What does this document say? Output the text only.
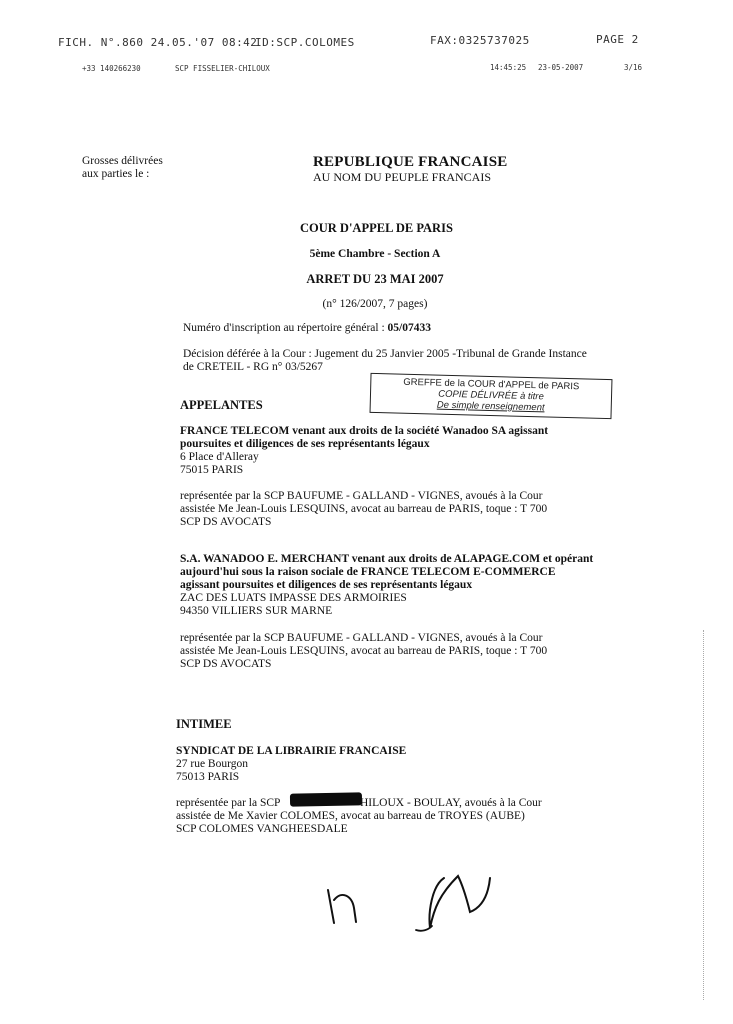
FICH. N°.860 24.05.'07 08:42
ID:SCP.COLOMES	FAX:0325737025	PAGE 2
+33 140266230	SCP FISSELIER-CHILOUX	14:45:25 23-05-2007	3/16
Grosses délivrées
aux parties le :
REPUBLIQUE FRANCAISE
AU NOM DU PEUPLE FRANCAIS
COUR D'APPEL DE PARIS
5ème Chambre - Section A
ARRET DU 23 MAI 2007
(n° 126/2007, 7 pages)
Numéro d'inscription au répertoire général : 05/07433
Décision déférée à la Cour : Jugement du 25 Janvier 2005 -Tribunal de Grande Instance
de CRETEIL - RG n° 03/5267
GREFFE de la COUR d'APPEL de PARIS
COPIE DÉLIVRÉE à titre
De simple renseignement
APPELANTES
FRANCE TELECOM venant aux droits de la société Wanadoo SA agissant
poursuites et diligences de ses représentants légaux
6 Place d'Alleray
75015 PARIS
représentée par la SCP BAUFUME - GALLAND - VIGNES, avoués à la Cour
assistée Me Jean-Louis LESQUINS, avocat au barreau de PARIS, toque : T 700
SCP DS AVOCATS
S.A. WANADOO E. MERCHANT venant aux droits de ALAPAGE.COM et opérant
aujourd'hui sous la raison sociale de FRANCE TELECOM E-COMMERCE
agissant poursuites et diligences de ses représentants légaux
ZAC DES LUATS IMPASSE DES ARMOIRIES
94350 VILLIERS SUR MARNE
représentée par la SCP BAUFUME - GALLAND - VIGNES, avoués à la Cour
assistée Me Jean-Louis LESQUINS, avocat au barreau de PARIS, toque : T 700
SCP DS AVOCATS
INTIMEE
SYNDICAT DE LA LIBRAIRIE FRANCAISE
27 rue Bourgon
75013 PARIS
représentée par la SCP	HILOUX - BOULAY, avoués à la Cour
assistée de Me Xavier COLOMES, avocat au barreau de TROYES (AUBE)
SCP COLOMES VANGHEESDALE
